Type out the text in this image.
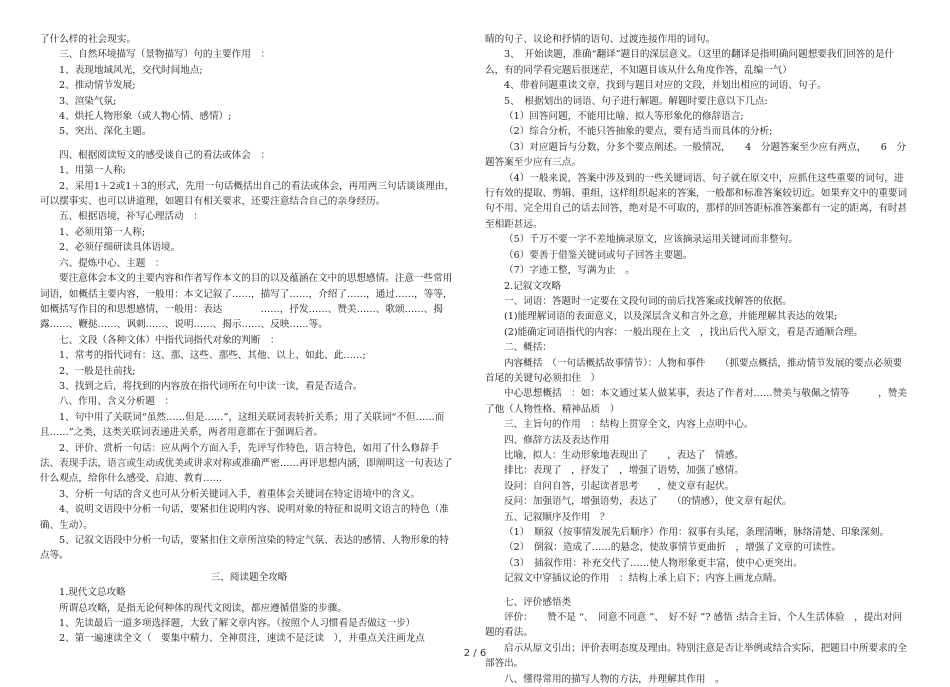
了什么样的社会现实。

三、自然环境描写（景物描写）句的主要作用　：

1、表现地域风光，交代时间地点;

2、推动情节发展;

3、渲染气氛;

4、烘托人物形象（或人物心情、感情）;

5、突出、深化主题。

四、根据阅读短文的感受谈自己的看法或体会　：

1、用第一人称;

2、采用1＋2或1＋3的形式，先用一句话概括出自己的看法或体会，再用两三句话谈谈理由，可以摆事实、也可以讲道理，如题目有相关要求，还要注意结合自己的亲身经历。

五、根据语境，补写心理活动　：

1、必须用第一人称;

2、必须仔细研读具体语境。

六、提炼中心、主题　：

要注意体会本文的主要内容和作者写作本文的目的以及蕴涵在文中的思想感情。注意一些常用词语，如概括主要内容，一般用：本文记叙了……，描写了……，介绍了……，通过……，等等，如概括写作目的和思想感情，一般用：表达　　　　……，抒发……、赞美……、歌颂……、揭露……、鞭挞……、讽刺……、说明……、揭示……、反映……等。

七、文段（各种文体）中指代词指代对象的判断　：

1、常考的指代词有：这、那、这些、那些、其他、以上、如此、此……;

2、一般是往前找;

3、找到之后，将找到的内容放在指代词所在句中读一读，看是否适合。

八、作用、含义分析题　：

1、句中用了关联词“虽然……但是……”，这组关联词表转折关系；用了关联词“不但……而且……”之类，这类关联词表递进关系，两者用意都在于强调后者。

2、评价、赏析一句话：应从两个方面入手，先评写作特色，语言特色，如用了什么修辞手法、表现手法，语言或生动或优美或讲求对称或准确严密……再评思想内涵，即阐明这一句表达了什么观点，给你什么感受、启迪、教育……

3、分析一句话的含义也可从分析关键词入手，着重体会关键词在特定语境中的含义。

4、说明文语段中分析一句话，要紧扣住说明内容、说明对象的特征和说明文语言的特色（准确、生动）。

5、记叙文语段中分析一句话，要紧扣住文章所渲染的特定气氛、表达的感情、人物形象的特点等。

三、阅读题全攻略

1.现代文总攻略

所谓总攻略，是指无论何种体的现代文阅读，都应遵循借鉴的步骤。

1、先读最后一道多项选择题，大致了解文章内容。（按照个人习惯看是否做这一步）

2、第一遍速读全文（　要集中精力、全神贯注，速读不是泛读　），并重点关注画龙点

睛的句子、议论和抒情的语句、过渡连接作用的词句。

3、　开始读题，准确“翻译”题目的深层意义。（这里的翻译是指明确问题想要我们回答的是什么，有的同学看完题后很迷茫，不知题目该从什么角度作答，乱编一气）

4、带着问题重读文章，找到与题目对应的文段，并划出相应的词语、句子。

5、　根据划出的词语、句子进行解题。解题时要注意以下几点:

（1）回答问题，不能用比喻、拟人等形象化的修辞语言;

（2）综合分析，不能只答抽象的要点，要有适当而具体的分析;

（3）对应题旨与分数，分多个要点阐述。一般情况，　　4　分题答案至少应有两点，　　6　分题答案至少应有三点。

（4）一般来说，答案中涉及到的一些关键词语、句子就在原文中，应抓住这些重要的词句，进行有效的提取、剪辑、重组，这样组织起来的答案，一般都和标准答案较切近。如果弃文中的重要词句不用、完全用自己的话去回答，绝对是不可取的，那样的回答距标准答案都有一定的距离，有时甚至相距甚远。

（5）千万不要一字不差地摘录原文，应该摘录运用关键词而非整句。

（6）要善于借鉴关键词或句子回答主要题。

（7）字迹工整，写满为止　。

2.记叙文攻略

一、词语：答题时一定要在文段句词的前后找答案或找解答的依据。

(1)能理解词语的表面意义，以及深层含义和言外之意，并能理解其表达的效果;

(2)能确定词语指代的内容：一般出现在上文　，找出后代入原文，看是否通顺合理。

二、概括：

内容概括　（一句话概括故事情节）：人物和事件　　（抓要点概括，推动情节发展的要点必须要 首尾的关键句必须扣住　）

中心思想概括　：如：本文通过某人做某事，表达了作者对……赞美与敬佩之情等　　　，赞美了他（人物性格、精神品质　）

三、主旨句的作用　：结构上贯穿全文，内容上点明中心。

四、修辞方法及表达作用

比喻，拟人：生动形象地表现出了　　，表达了　情感。

排比：表现了　，抒发了　，增强了语势，加强了感情。

设问：自问自答，引起读者思考　　，使文章有起伏。

反问：加强语气，增强语势，表达了　　（的情感），使文章有起伏。

五、记叙顺序及作用　？

（1）　顺叙（按事情发展先后顺序）作用：叙事有头尾，条理清晰，脉络清楚、印象深刻。

（2）　倒叙：造成了……的悬念，使故事情节更曲折　，增强了文章的可读性。

（3）　插叙作用：补充交代了……使人物形象更丰富，使中心更突出。

记叙文中穿插议论的作用　：结构上承上启下；内容上画龙点睛。

七、评价感悟类

评价：　　赞不是 “、　同意不同意 ”、　好不好 ”? 感悟 :结合主旨、个人生活体验　，提出对问题的看法。

启示从原文引出；评价表明态度及理由。特别注意是否让举例或结合实际，把题目中所要求的全部答出。

八、懂得常用的描写人物的方法，并理解其作用　。

2 / 6
